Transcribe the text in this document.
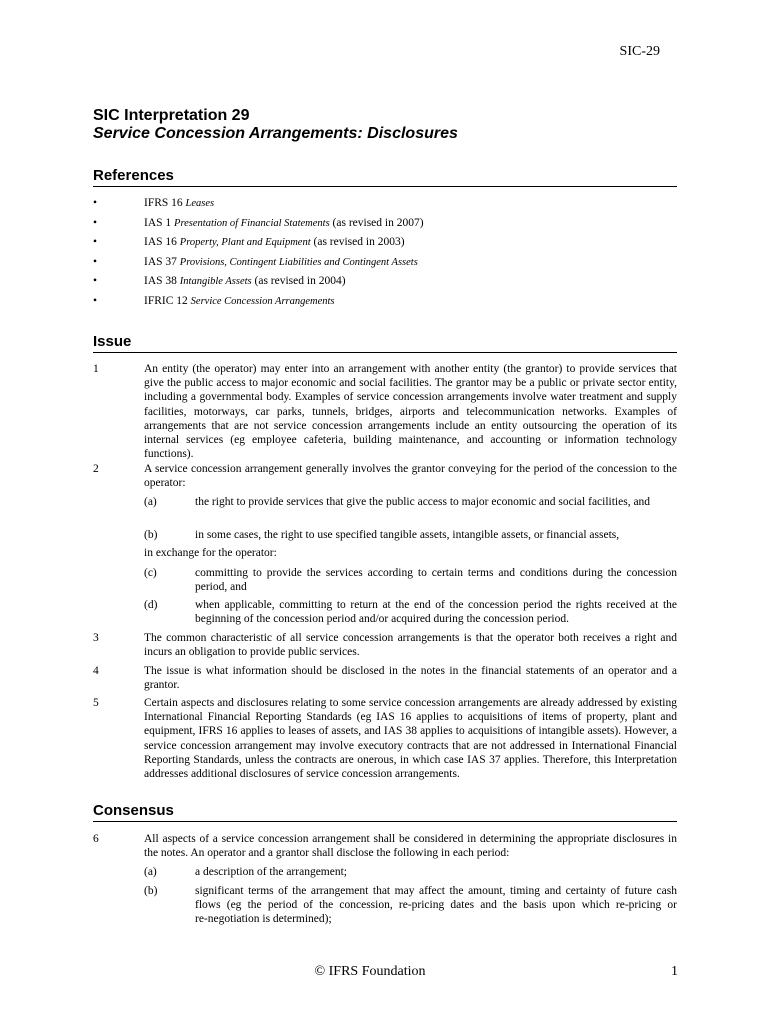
SIC‑29
SIC Interpretation 29
Service Concession Arrangements: Disclosures
References
•	IFRS 16 Leases
•	IAS 1 Presentation of Financial Statements (as revised in 2007)
•	IAS 16 Property, Plant and Equipment (as revised in 2003)
•	IAS 37 Provisions, Contingent Liabilities and Contingent Assets
•	IAS 38 Intangible Assets (as revised in 2004)
•	IFRIC 12 Service Concession Arrangements
Issue
1	An entity (the operator) may enter into an arrangement with another entity (the grantor) to provide services that give the public access to major economic and social facilities. The grantor may be a public or private sector entity, including a governmental body. Examples of service concession arrangements involve water treatment and supply facilities, motorways, car parks, tunnels, bridges, airports and telecommunication networks. Examples of arrangements that are not service concession arrangements include an entity outsourcing the operation of its internal services (eg employee cafeteria, building maintenance, and accounting or information technology functions).
2	A service concession arrangement generally involves the grantor conveying for the period of the concession to the operator:
(a)	the right to provide services that give the public access to major economic and social facilities, and
(b)	in some cases, the right to use specified tangible assets, intangible assets, or financial assets,
in exchange for the operator:
(c)	committing to provide the services according to certain terms and conditions during the concession period, and
(d)	when applicable, committing to return at the end of the concession period the rights received at the beginning of the concession period and/or acquired during the concession period.
3	The common characteristic of all service concession arrangements is that the operator both receives a right and incurs an obligation to provide public services.
4	The issue is what information should be disclosed in the notes in the financial statements of an operator and a grantor.
5	Certain aspects and disclosures relating to some service concession arrangements are already addressed by existing International Financial Reporting Standards (eg IAS 16 applies to acquisitions of items of property, plant and equipment, IFRS 16 applies to leases of assets, and IAS 38 applies to acquisitions of intangible assets). However, a service concession arrangement may involve executory contracts that are not addressed in International Financial Reporting Standards, unless the contracts are onerous, in which case IAS 37 applies. Therefore, this Interpretation addresses additional disclosures of service concession arrangements.
Consensus
6	All aspects of a service concession arrangement shall be considered in determining the appropriate disclosures in the notes. An operator and a grantor shall disclose the following in each period:
(a)	a description of the arrangement;
(b)	significant terms of the arrangement that may affect the amount, timing and certainty of future cash flows (eg the period of the concession, re‑pricing dates and the basis upon which re‑pricing or re‑negotiation is determined);
© IFRS Foundation	1
